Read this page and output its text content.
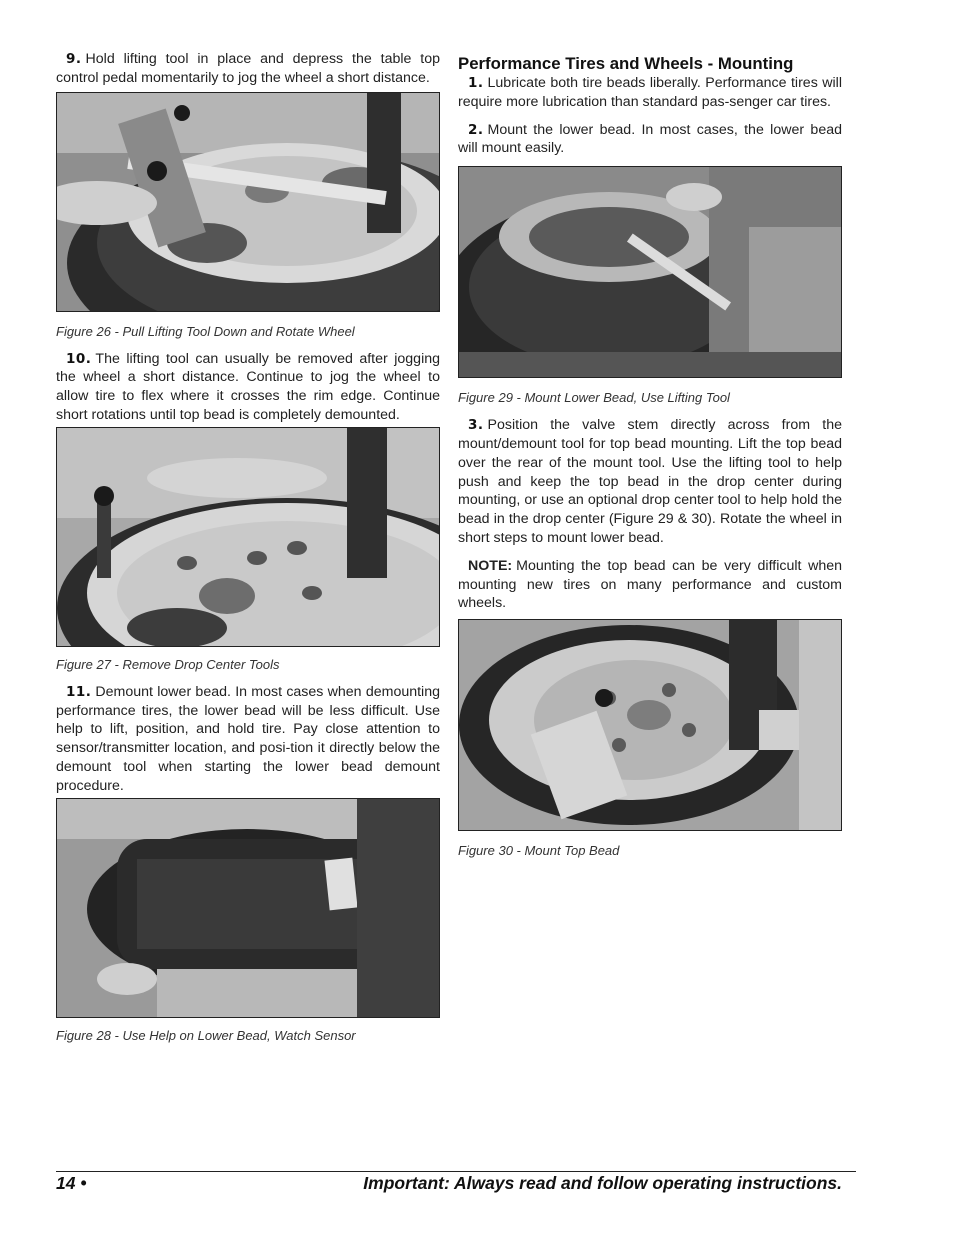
9. Hold lifting tool in place and depress the table top control pedal momentarily to jog the wheel a short distance.

Figure 26 - Pull Lifting Tool Down and Rotate Wheel

10. The lifting tool can usually be removed after jogging the wheel a short distance. Continue to jog the wheel to allow tire to flex where it crosses the rim edge. Continue short rotations until top bead is completely demounted.

Figure 27 - Remove Drop Center Tools

11. Demount lower bead. In most cases when demounting performance tires, the lower bead will be less difficult. Use help to lift, position, and hold tire. Pay close attention to sensor/transmitter location, and posi-tion it directly below the demount tool when starting the lower bead demount procedure.

Figure 28 - Use Help on Lower Bead, Watch Sensor

Performance Tires and Wheels - Mounting

1. Lubricate both tire beads liberally. Performance tires will require more lubrication than standard pas-senger car tires.

2. Mount the lower bead. In most cases, the lower bead will mount easily.

Figure 29 - Mount Lower Bead, Use Lifting Tool

3. Position the valve stem directly across from the mount/demount tool for top bead mounting. Lift the top bead over the rear of the mount tool. Use the lifting tool to help push and keep the top bead in the drop center during mounting, or use an optional drop center tool to help hold the bead in the drop center (Figure 29 & 30). Rotate the wheel in short steps to mount lower bead.

NOTE: Mounting the top bead can be very difficult when mounting new tires on many performance and custom wheels.

Figure 30 - Mount Top Bead

14 •	Important: Always read and follow operating instructions.
